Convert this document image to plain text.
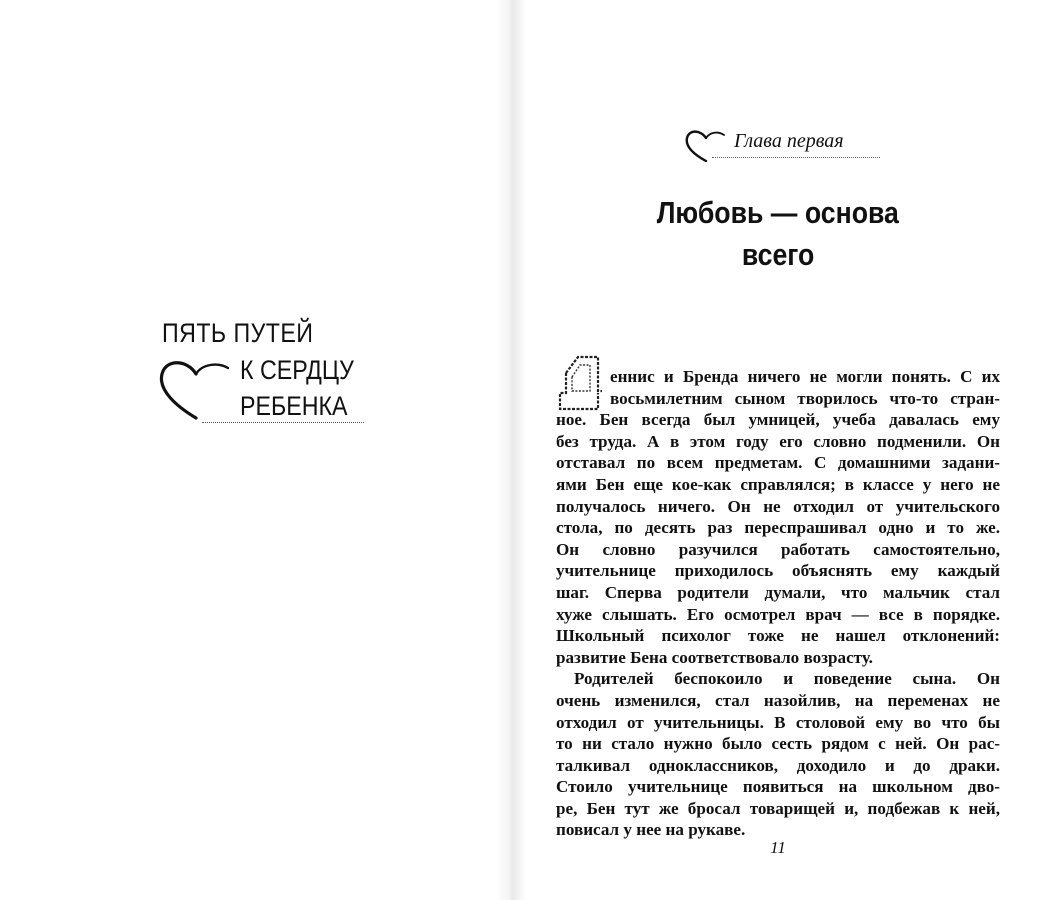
ПЯТЬ ПУТЕЙ
К СЕРДЦУ
РЕБЕНКА
Глава первая
Любовь — основа
всего
еннис и Бренда ничего не могли понять. С их
восьмилетним сыном творилось что-то стран-
ное. Бен всегда был умницей, учеба давалась ему
без труда. А в этом году его словно подменили. Он
отставал по всем предметам. С домашними задани-
ями Бен еще кое-как справлялся; в классе у него не
получалось ничего. Он не отходил от учительского
стола, по десять раз переспрашивал одно и то же.
Он словно разучился работать самостоятельно,
учительнице приходилось объяснять ему каждый
шаг. Сперва родители думали, что мальчик стал
хуже слышать. Его осмотрел врач — все в порядке.
Школьный психолог тоже не нашел отклонений:
развитие Бена соответствовало возрасту.
Родителей беспокоило и поведение сына. Он
очень изменился, стал назойлив, на переменах не
отходил от учительницы. В столовой ему во что бы
то ни стало нужно было сесть рядом с ней. Он рас-
талкивал одноклассников, доходило и до драки.
Стоило учительнице появиться на школьном дво-
ре, Бен тут же бросал товарищей и, подбежав к ней,
повисал у нее на рукаве.
11
